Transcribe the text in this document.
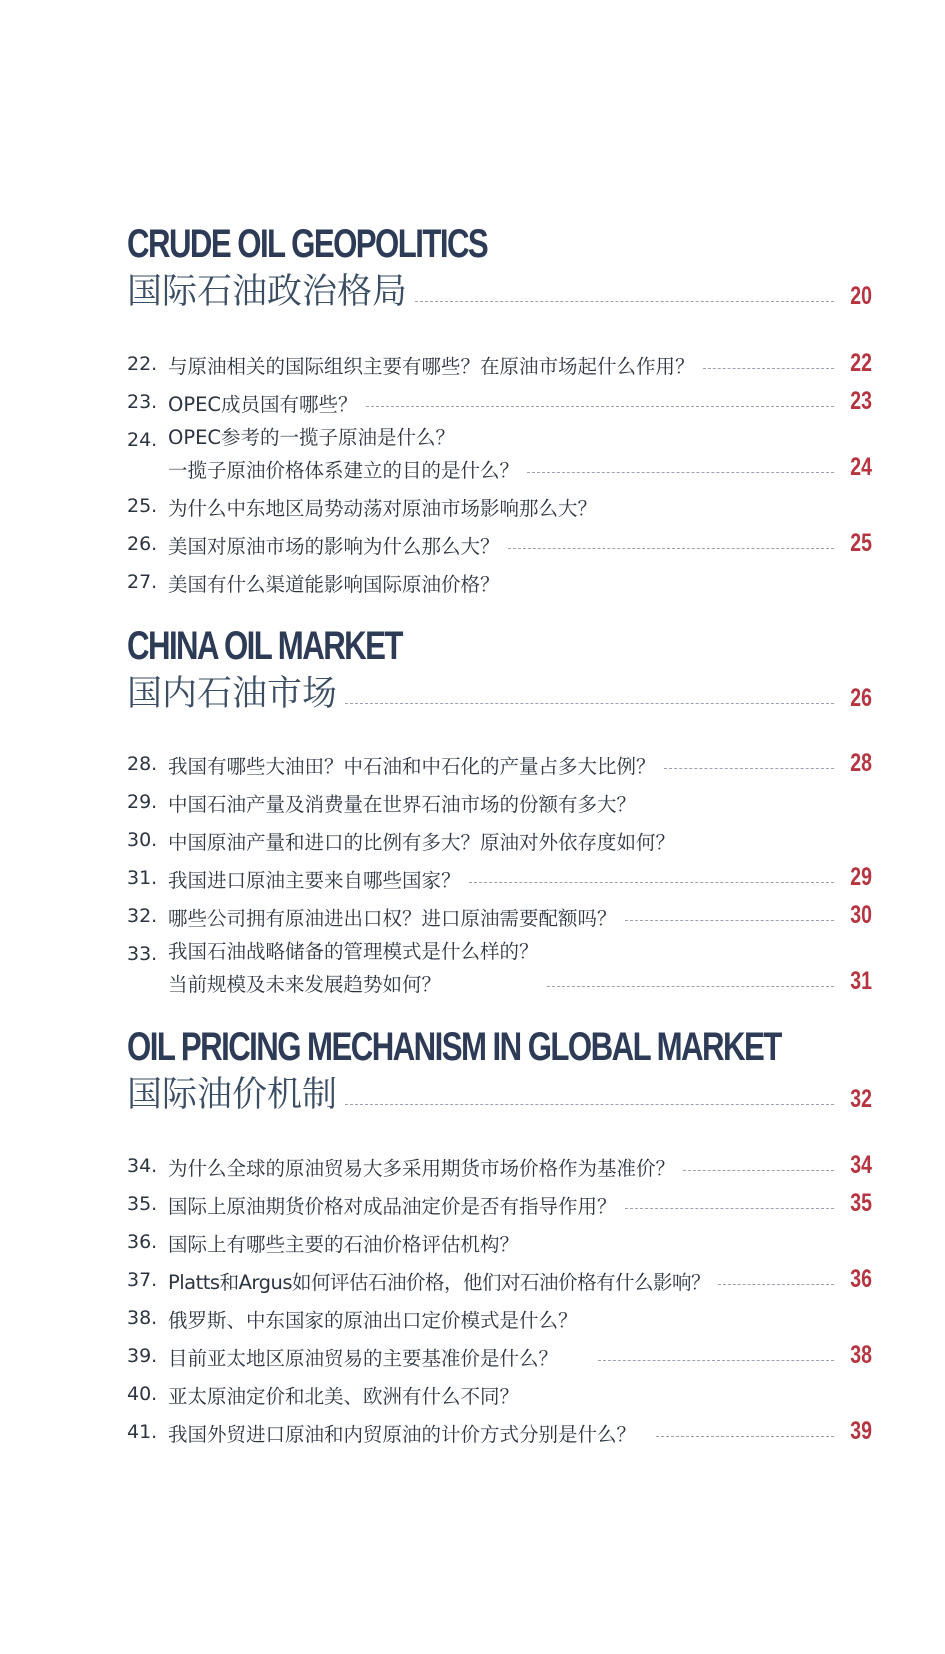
CRUDE OIL GEOPOLITICS
国际石油政治格局	20
22. 与原油相关的国际组织主要有哪些？在原油市场起什么作用？	22
23. OPEC成员国有哪些？	23
24. OPEC参考的一揽子原油是什么？
一揽子原油价格体系建立的目的是什么？	24
25. 为什么中东地区局势动荡对原油市场影响那么大？
26. 美国对原油市场的影响为什么那么大？	25
27. 美国有什么渠道能影响国际原油价格？
CHINA OIL MARKET
国内石油市场	26
28. 我国有哪些大油田？中石油和中石化的产量占多大比例？	28
29. 中国石油产量及消费量在世界石油市场的份额有多大？
30. 中国原油产量和进口的比例有多大？原油对外依存度如何？
31. 我国进口原油主要来自哪些国家？	29
32. 哪些公司拥有原油进出口权？进口原油需要配额吗？	30
33. 我国石油战略储备的管理模式是什么样的？
当前规模及未来发展趋势如何？	31
OIL PRICING MECHANISM IN GLOBAL MARKET
国际油价机制	32
34. 为什么全球的原油贸易大多采用期货市场价格作为基准价？	34
35. 国际上原油期货价格对成品油定价是否有指导作用？	35
36. 国际上有哪些主要的石油价格评估机构？
37. Platts和Argus如何评估石油价格，他们对石油价格有什么影响？	36
38. 俄罗斯、中东国家的原油出口定价模式是什么？
39. 目前亚太地区原油贸易的主要基准价是什么？	38
40. 亚太原油定价和北美、欧洲有什么不同？
41. 我国外贸进口原油和内贸原油的计价方式分别是什么？	39
